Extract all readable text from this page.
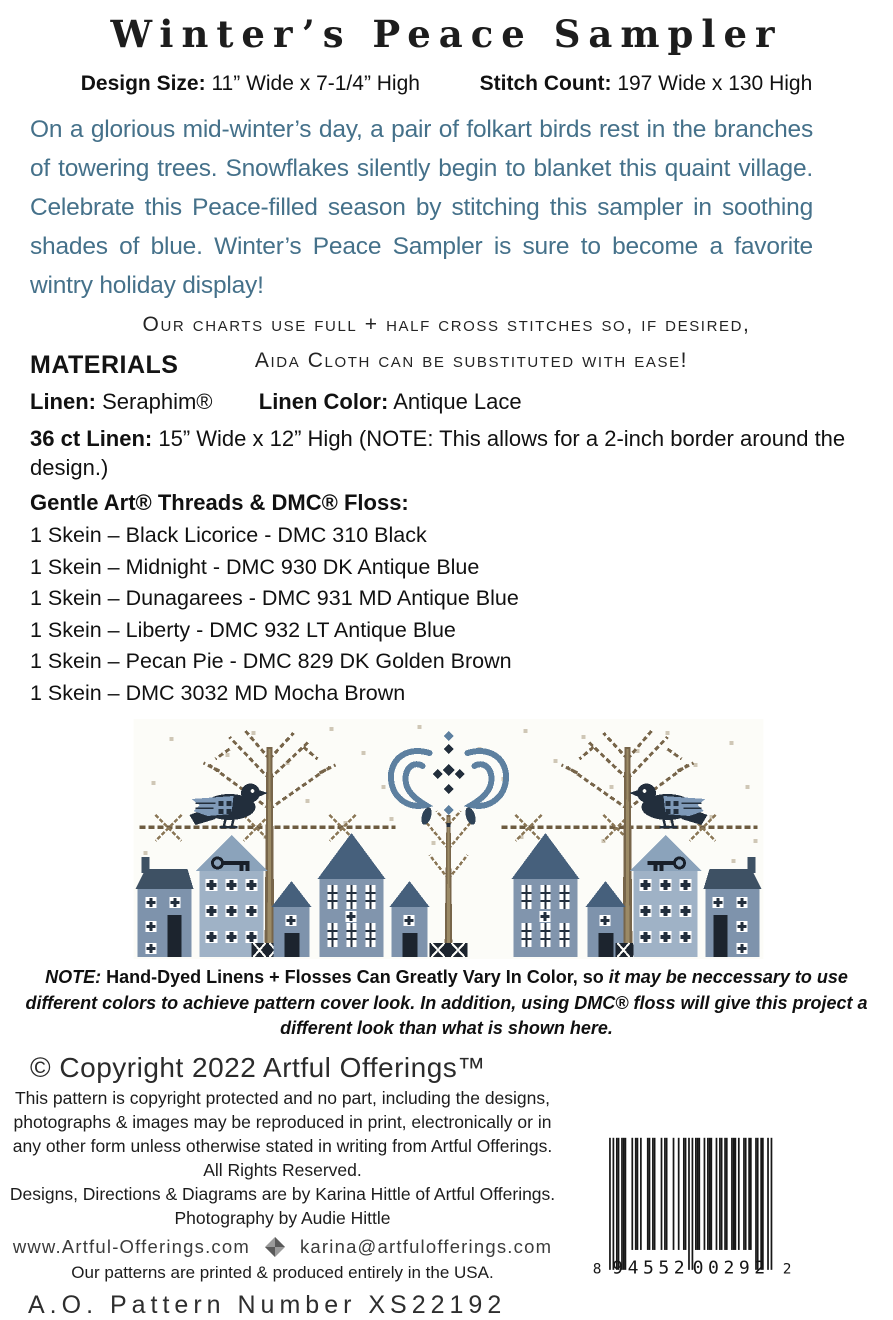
Winter’s Peace Sampler
Design Size: 11” Wide x 7-1/4” High	Stitch Count: 197 Wide x 130 High

On a glorious mid-winter’s day, a pair of folkart birds rest in the branches of towering trees. Snowflakes silently begin to blanket this quaint village. Celebrate this Peace-filled season by stitching this sampler in soothing shades of blue. Winter’s Peace Sampler is sure to become a favorite wintry holiday display!

Our charts use full + half cross stitches so, if desired,
MATERIALS	Aida Cloth can be substituted with ease!
Linen: Seraphim® Linen Color: Antique Lace
36 ct Linen: 15” Wide x 12” High (NOTE: This allows for a 2-inch border around the design.)
Gentle Art® Threads & DMC® Floss:
1 Skein – Black Licorice - DMC 310 Black
1 Skein – Midnight - DMC 930 DK Antique Blue
1 Skein – Dunagarees - DMC 931 MD Antique Blue
1 Skein – Liberty - DMC 932 LT Antique Blue
1 Skein – Pecan Pie - DMC 829 DK Golden Brown
1 Skein – DMC 3032 MD Mocha Brown

NOTE: Hand-Dyed Linens + Flosses Can Greatly Vary In Color, so it may be neccessary to use different colors to achieve pattern cover look. In addition, using DMC® floss will give this project a different look than what is shown here.

© Copyright 2022 Artful Offerings™
This pattern is copyright protected and no part, including the designs,
photographs & images may be reproduced in print, electronically or in
any other form unless otherwise stated in writing from Artful Offerings.
All Rights Reserved.
Designs, Directions & Diagrams are by Karina Hittle of Artful Offerings.
Photography by Audie Hittle
www.Artful-Offerings.com	karina@artfulofferings.com
Our patterns are printed & produced entirely in the USA.
A.O. Pattern Number XS22192
8 94552 00292 2
